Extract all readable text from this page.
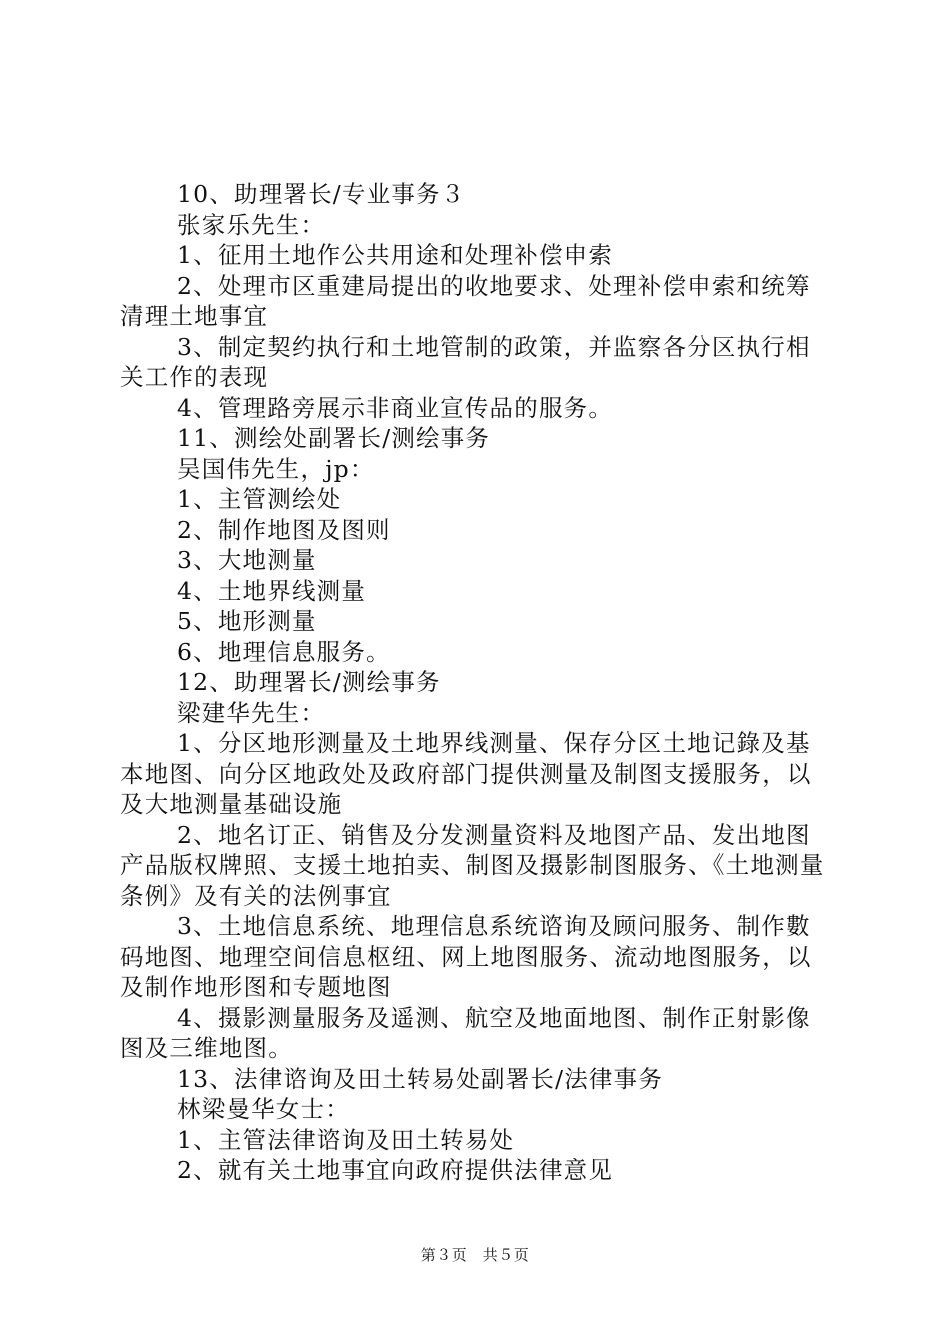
10、助理署长/专业事务３

张家乐先生：

1、征用土地作公共用途和处理补偿申索

2、处理市区重建局提出的收地要求、处理补偿申索和统筹清理土地事宜

3、制定契约执行和土地管制的政策，并监察各分区执行相关工作的表现

4、管理路旁展示非商业宣传品的服务。

11、测绘处副署长/测绘事务

吴国伟先生，jp：

1、主管测绘处

2、制作地图及图则

3、大地测量

4、土地界线测量

5、地形测量

6、地理信息服务。

12、助理署长/测绘事务

梁建华先生：

1、分区地形测量及土地界线测量、保存分区土地记錄及基本地图、向分区地政处及政府部门提供测量及制图支援服务，以及大地测量基础设施

2、地名订正、销售及分发测量资料及地图产品、发出地图产品版权牌照、支援土地拍卖、制图及摄影制图服务、《土地测量条例》及有关的法例事宜

3、土地信息系统、地理信息系统谘询及顾问服务、制作數码地图、地理空间信息枢纽、网上地图服务、流动地图服务，以及制作地形图和专题地图

4、摄影测量服务及遥测、航空及地面地图、制作正射影像图及三维地图。

13、法律谘询及田土转易处副署长/法律事务

林梁曼华女士：

1、主管法律谘询及田土转易处

2、就有关土地事宜向政府提供法律意见

第３页　共５页
